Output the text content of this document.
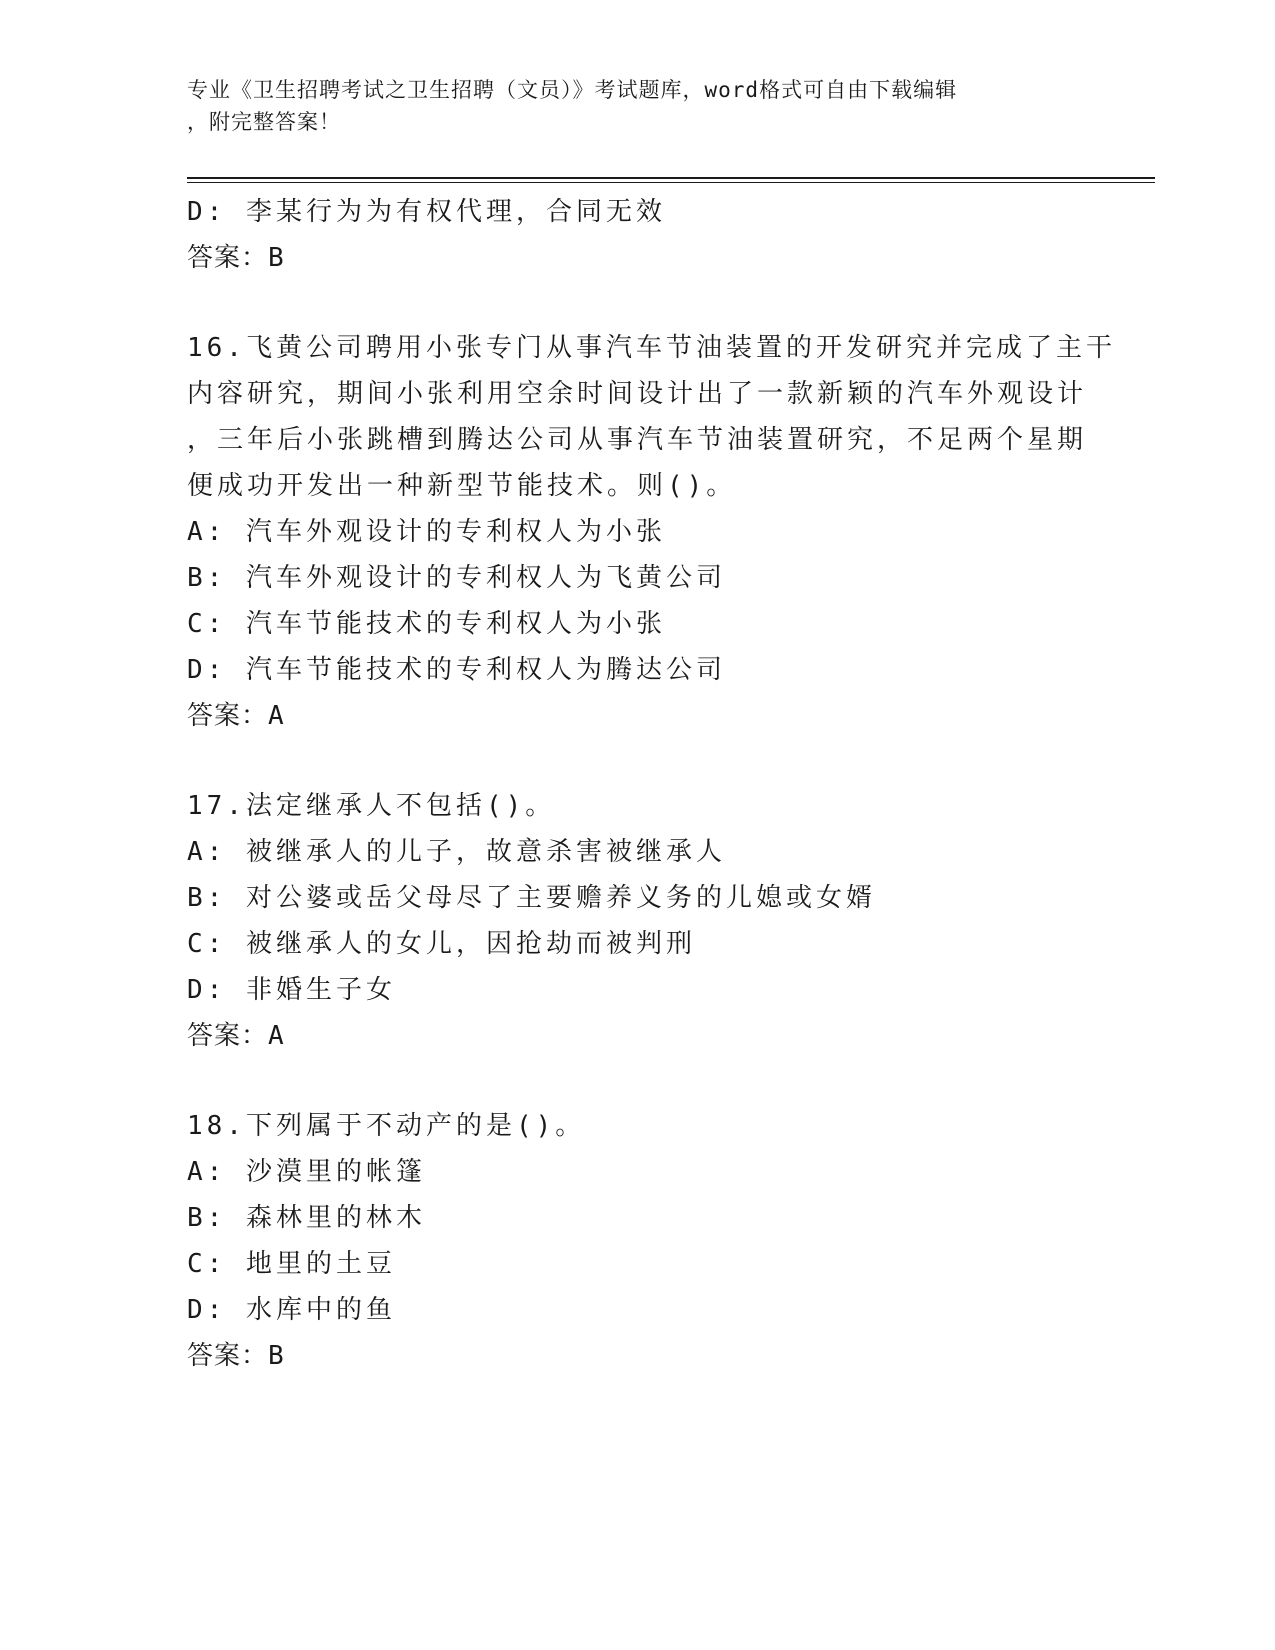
专业《卫生招聘考试之卫生招聘（文员）》考试题库，word格式可自由下载编辑
，附完整答案！
D: 李某行为为有权代理，合同无效
答案：B
16.飞黄公司聘用小张专门从事汽车节油装置的开发研究并完成了主干
内容研究，期间小张利用空余时间设计出了一款新颖的汽车外观设计
，三年后小张跳槽到腾达公司从事汽车节油装置研究，不足两个星期
便成功开发出一种新型节能技术。则()。
A: 汽车外观设计的专利权人为小张
B: 汽车外观设计的专利权人为飞黄公司
C: 汽车节能技术的专利权人为小张
D: 汽车节能技术的专利权人为腾达公司
答案：A
17.法定继承人不包括()。
A: 被继承人的儿子，故意杀害被继承人
B: 对公婆或岳父母尽了主要赡养义务的儿媳或女婿
C: 被继承人的女儿，因抢劫而被判刑
D: 非婚生子女
答案：A
18.下列属于不动产的是()。
A: 沙漠里的帐篷
B: 森林里的林木
C: 地里的土豆
D: 水库中的鱼
答案：B
